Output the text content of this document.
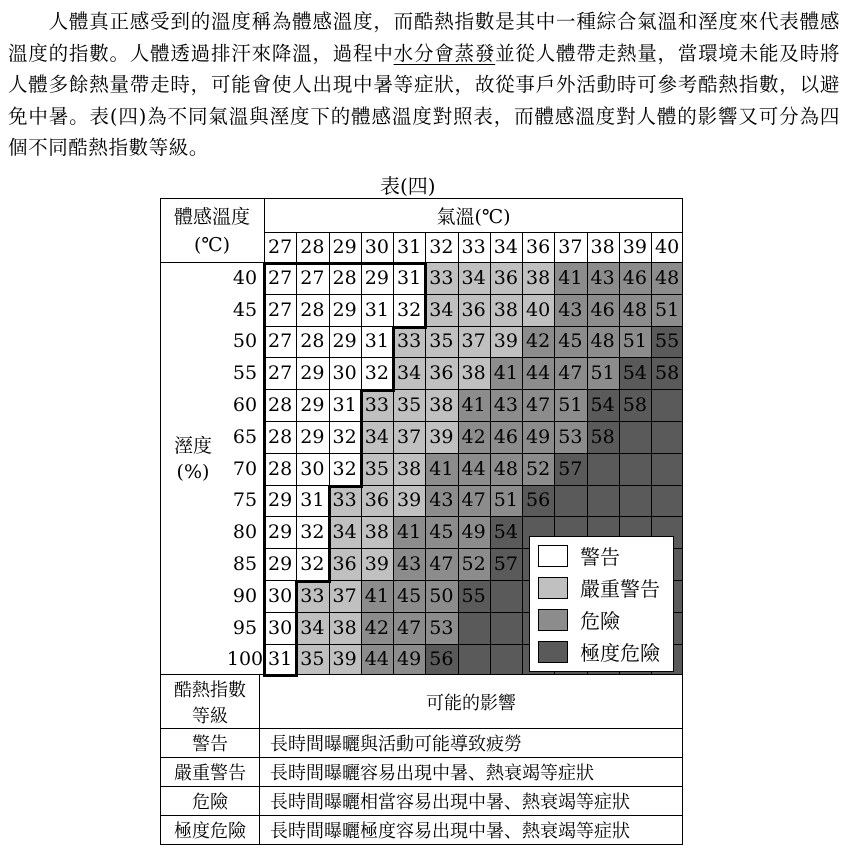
　　人體真正感受到的溫度稱為體感溫度，而酷熱指數是其中一種綜合氣溫和溼度來代表體感溫度的指數。人體透過排汗來降溫，過程中水分會蒸發並從人體帶走熱量，當環境未能及時將人體多餘熱量帶走時，可能會使人出現中暑等症狀，故從事戶外活動時可參考酷熱指數，以避免中暑。表(四)為不同氣溫與溼度下的體感溫度對照表，而體感溫度對人體的影響又可分為四個不同酷熱指數等級。

表(四)
體感溫度
(℃)
氣溫(℃)
溼度
(%)
27 28 29 30 31 32 33 34 36 37 38 39 40
40 27 27 28 29 31 33 34 36 38 41 43 46 48
45 27 28 29 31 32 34 36 38 40 43 46 48 51
50 27 28 29 31 33 35 37 39 42 45 48 51 55
55 27 29 30 32 34 36 38 41 44 47 51 54 58
60 28 29 31 33 35 38 41 43 47 51 54 58
65 28 29 32 34 37 39 42 46 49 53 58
70 28 30 32 35 38 41 44 48 52 57
75 29 31 33 36 39 43 47 51 56
80 29 32 34 38 41 45 49 54
85 29 32 36 39 43 47 52 57
90 30 33 37 41 45 50 55
95 30 34 38 42 47 53
100 31 35 39 44 49 56
警告
嚴重警告
危險
極度危險
酷熱指數
等級	可能的影響
警告	長時間曝曬與活動可能導致疲勞
嚴重警告	長時間曝曬容易出現中暑、熱衰竭等症狀
危險	長時間曝曬相當容易出現中暑、熱衰竭等症狀
極度危險	長時間曝曬極度容易出現中暑、熱衰竭等症狀
